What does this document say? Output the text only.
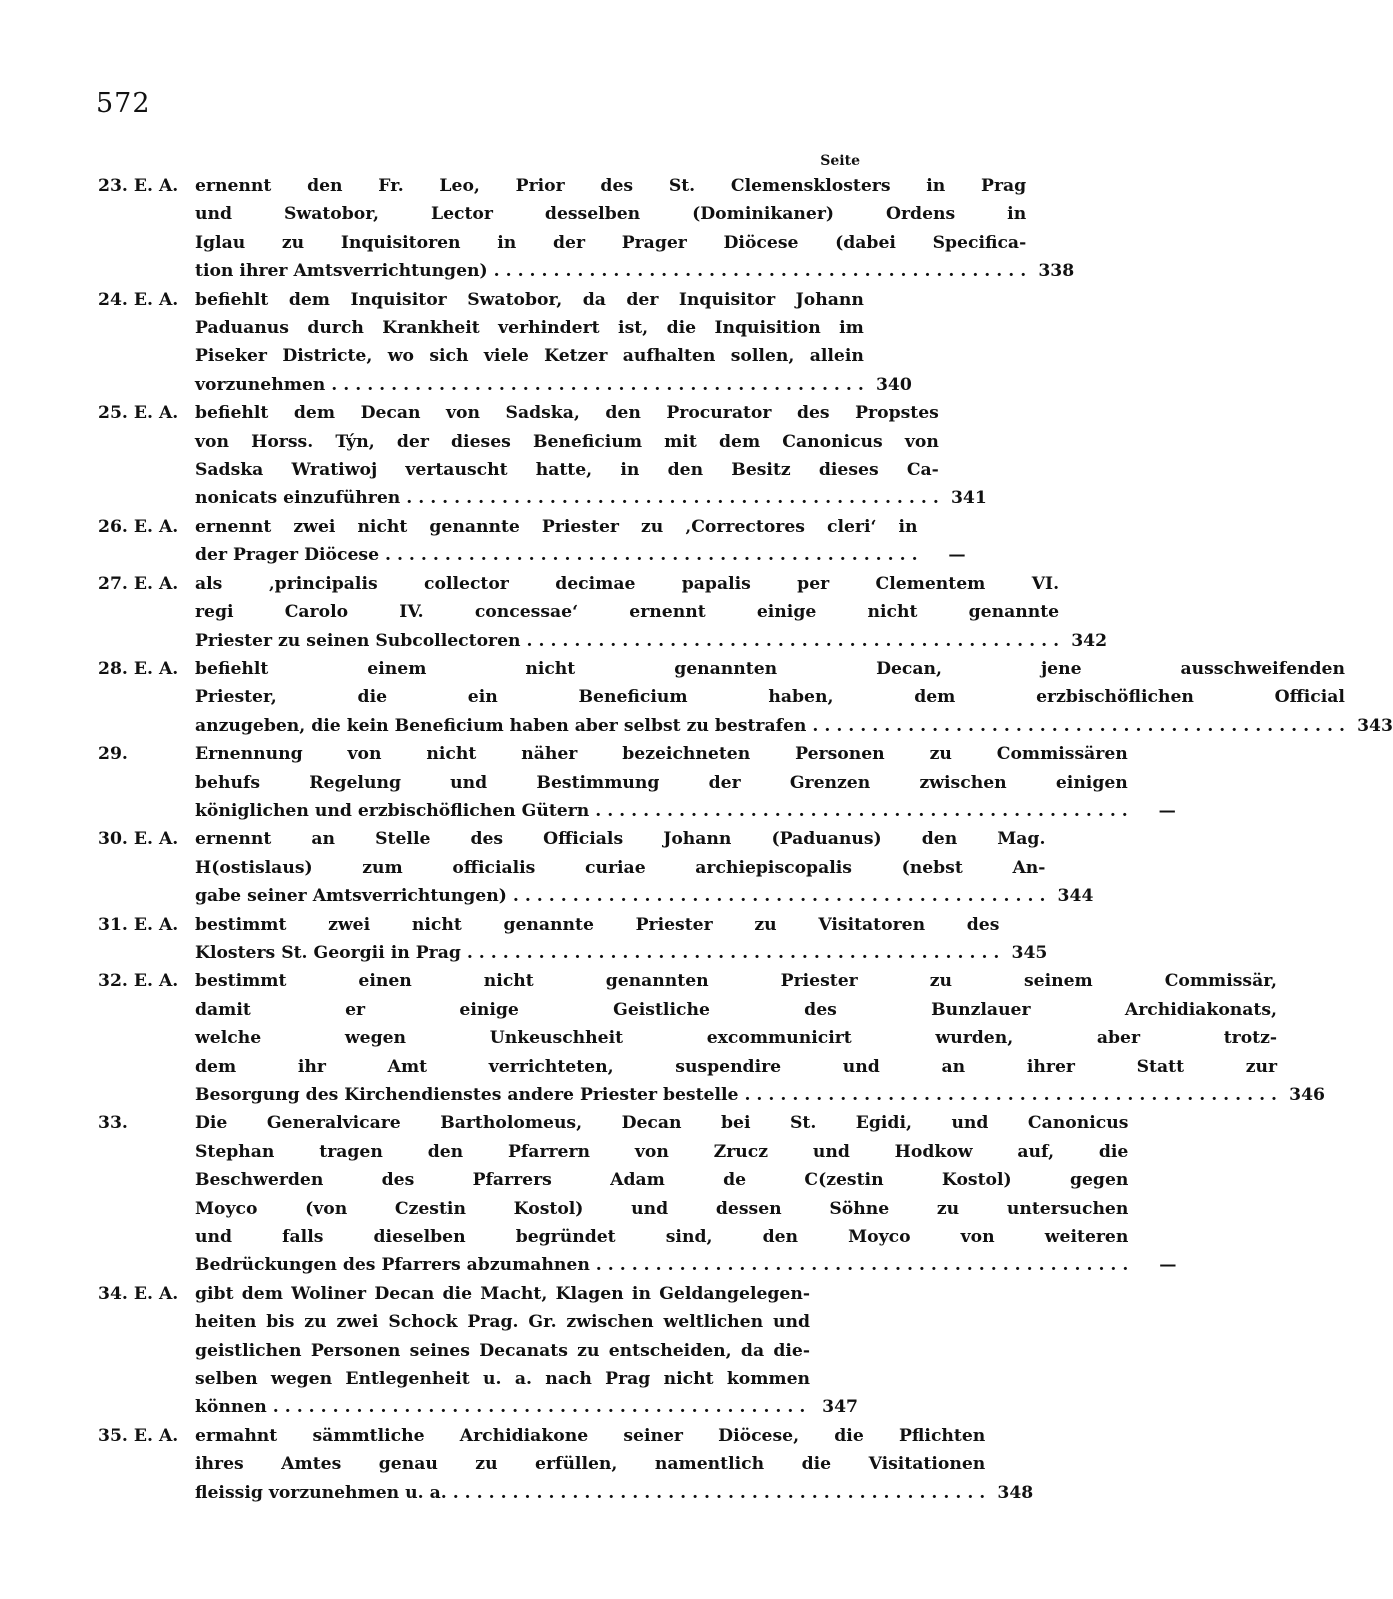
572
Seite
23. E. A. ernennt den Fr. Leo, Prior des St. Clemensklosters in Prag
und Swatobor, Lector desselben (Dominikaner) Ordens in
Iglau zu Inquisitoren in der Prager Diöcese (dabei Specifica-
tion ihrer Amtsverrichtungen) . . .	338
24. E. A. befiehlt dem Inquisitor Swatobor, da der Inquisitor Johann
Paduanus durch Krankheit verhindert ist, die Inquisition im
Piseker Districte, wo sich viele Ketzer aufhalten sollen, allein
vorzunehmen . . .	340
25. E. A. befiehlt dem Decan von Sadska, den Procurator des Propstes
von Horss. Týn, der dieses Beneficium mit dem Canonicus von
Sadska Wratiwoj vertauscht hatte, in den Besitz dieses Ca-
nonicats einzuführen . . .	341
26. E. A. ernennt zwei nicht genannte Priester zu ‚Correctores cleri‘ in
der Prager Diöcese . . .	—
27. E. A. als ‚principalis collector decimae papalis per Clementem VI.
regi Carolo IV. concessae‘ ernennt einige nicht genannte
Priester zu seinen Subcollectoren . . .	342
28. E. A. befiehlt einem nicht genannten Decan, jene ausschweifenden
Priester, die ein Beneficium haben, dem erzbischöflichen Official
anzugeben, die kein Beneficium haben aber selbst zu bestrafen . . .	343
29.	Ernennung von nicht näher bezeichneten Personen zu Commissären
behufs Regelung und Bestimmung der Grenzen zwischen einigen
königlichen und erzbischöflichen Gütern . . .	—
30. E. A. ernennt an Stelle des Officials Johann (Paduanus) den Mag.
H(ostislaus) zum officialis curiae archiepiscopalis (nebst An-
gabe seiner Amtsverrichtungen) . . .	344
31. E. A. bestimmt zwei nicht genannte Priester zu Visitatoren des
Klosters St. Georgii in Prag . . .	345
32. E. A. bestimmt einen nicht genannten Priester zu seinem Commissär,
damit er einige Geistliche des Bunzlauer Archidiakonats,
welche wegen Unkeuschheit excommunicirt wurden, aber trotz-
dem ihr Amt verrichteten, suspendire und an ihrer Statt zur
Besorgung des Kirchendienstes andere Priester bestelle . . .	346
33.	Die Generalvicare Bartholomeus, Decan bei St. Egidi, und Canonicus
Stephan tragen den Pfarrern von Zrucz und Hodkow auf, die
Beschwerden des Pfarrers Adam de C(zestin Kostol) gegen
Moyco (von Czestin Kostol) und dessen Söhne zu untersuchen
und falls dieselben begründet sind, den Moyco von weiteren
Bedrückungen des Pfarrers abzumahnen . . .	—
34. E. A. gibt dem Woliner Decan die Macht, Klagen in Geldangelegen-
heiten bis zu zwei Schock Prag. Gr. zwischen weltlichen und
geistlichen Personen seines Decanats zu entscheiden, da die-
selben wegen Entlegenheit u. a. nach Prag nicht kommen
können . . .	347
35. E. A. ermahnt sämmtliche Archidiakone seiner Diöcese, die Pflichten
ihres Amtes genau zu erfüllen, namentlich die Visitationen
fleissig vorzunehmen u. a. . . .	348
